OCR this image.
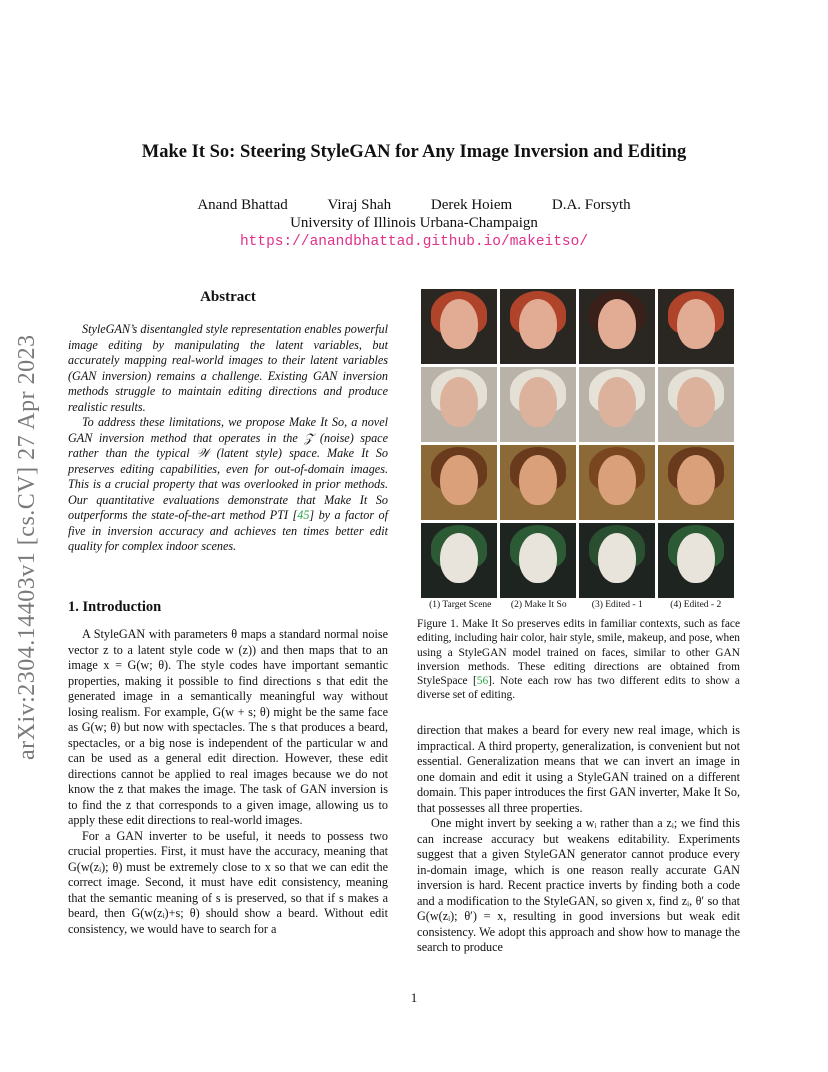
Make It So: Steering StyleGAN for Any Image Inversion and Editing
Anand Bhattad	Viraj Shah	Derek Hoiem	D.A. Forsyth
University of Illinois Urbana-Champaign
https://anandbhattad.github.io/makeitso/
arXiv:2304.14403v1 [cs.CV] 27 Apr 2023
Abstract

StyleGAN’s disentangled style representation enables powerful image editing by manipulating the latent variables, but accurately mapping real-world images to their latent variables (GAN inversion) remains a challenge. Existing GAN inversion methods struggle to maintain editing directions and produce realistic results.

To address these limitations, we propose Make It So, a novel GAN inversion method that operates in the 𝒵 (noise) space rather than the typical 𝒲 (latent style) space. Make It So preserves editing capabilities, even for out-of-domain images. This is a crucial property that was overlooked in prior methods. Our quantitative evaluations demonstrate that Make It So outperforms the state-of-the-art method PTI [45] by a factor of five in inversion accuracy and achieves ten times better edit quality for complex indoor scenes.

1. Introduction

A StyleGAN with parameters θ maps a standard normal noise vector z to a latent style code w (z)) and then maps that to an image x = G(w; θ). The style codes have important semantic properties, making it possible to find directions s that edit the generated image in a semantically meaningful way without losing realism. For example, G(w + s; θ) might be the same face as G(w; θ) but now with spectacles. The s that produces a beard, spectacles, or a big nose is independent of the particular w and can be used as a general edit direction. However, these edit directions cannot be applied to real images because we do not know the z that makes the image. The task of GAN inversion is to find the z that corresponds to a given image, allowing us to apply these edit directions to real-world images.

For a GAN inverter to be useful, it needs to possess two crucial properties. First, it must have the accuracy, meaning that G(w(zᵢ); θ) must be extremely close to x so that we can edit the correct image. Second, it must have edit consistency, meaning that the semantic meaning of s is preserved, so that if s makes a beard, then G(w(zᵢ)+s; θ) should show a beard. Without edit consistency, we would have to search for a

(1) Target Scene	(2) Make It So	(3) Edited - 1	(4) Edited - 2
Figure 1. Make It So preserves edits in familiar contexts, such as face editing, including hair color, hair style, smile, makeup, and pose, when using a StyleGAN model trained on faces, similar to other GAN inversion methods. These editing directions are obtained from StyleSpace [56]. Note each row has two different edits to show a diverse set of editing.

direction that makes a beard for every new real image, which is impractical. A third property, generalization, is convenient but not essential. Generalization means that we can invert an image in one domain and edit it using a StyleGAN trained on a different domain. This paper introduces the first GAN inverter, Make It So, that possesses all three properties.

One might invert by seeking a wᵢ rather than a zᵢ; we find this can increase accuracy but weakens editability. Experiments suggest that a given StyleGAN generator cannot produce every in-domain image, which is one reason really accurate GAN inversion is hard. Recent practice inverts by finding both a code and a modification to the StyleGAN, so given x, find zᵢ, θ′ so that G(w(zᵢ); θ′) = x, resulting in good inversions but weak edit consistency. We adopt this approach and show how to manage the search to produce

1
